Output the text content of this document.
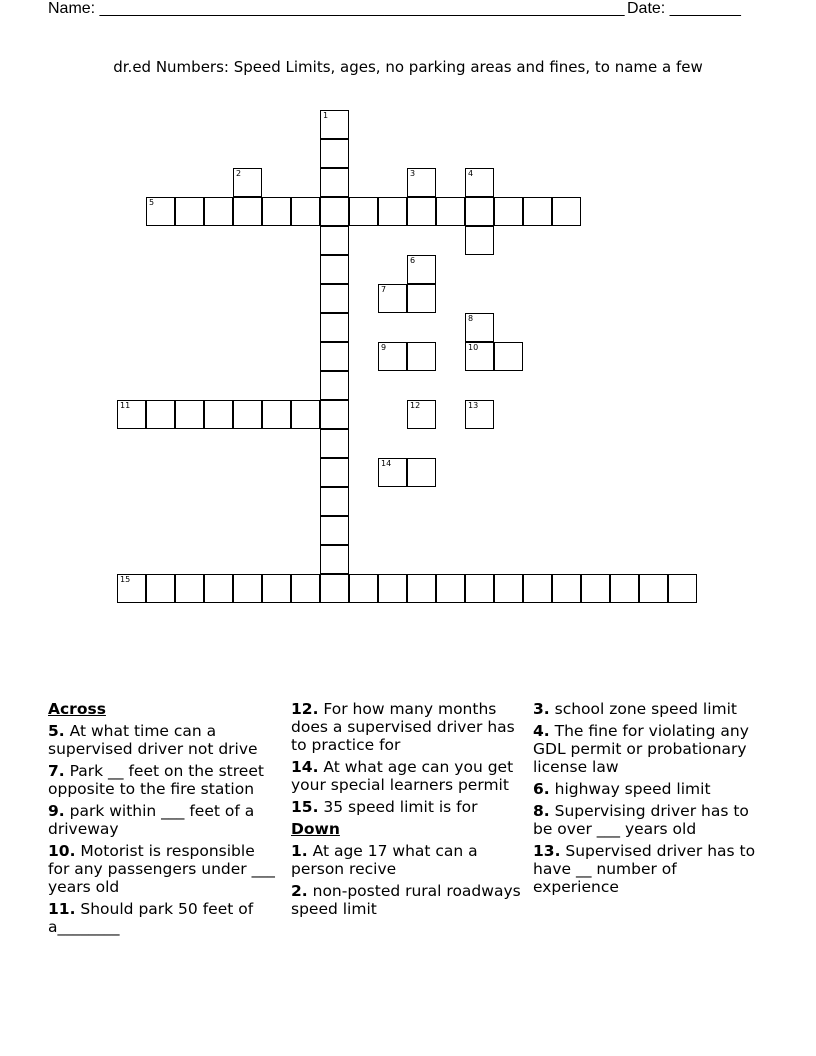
Name: ___________________________________________________________ Date: ________
dr.ed Numbers: Speed Limits, ages, no parking areas and fines, to name a few
1
2	3	4
5
6
7
8
9	10
11	12	13
14
15
Across
5. At what time can a supervised driver not drive
7. Park __ feet on the street opposite to the fire station
9. park within ___ feet of a driveway
10. Motorist is responsible for any passengers under ___ years old
11. Should park 50 feet of a________
12. For how many months does a supervised driver has to practice for
14. At what age can you get your special learners permit
15. 35 speed limit is for
Down
1. At age 17 what can a person recive
2. non-posted rural roadways speed limit
3. school zone speed limit
4. The fine for violating any GDL permit or probationary license law
6. highway speed limit
8. Supervising driver has to be over ___ years old
13. Supervised driver has to have __ number of experience
